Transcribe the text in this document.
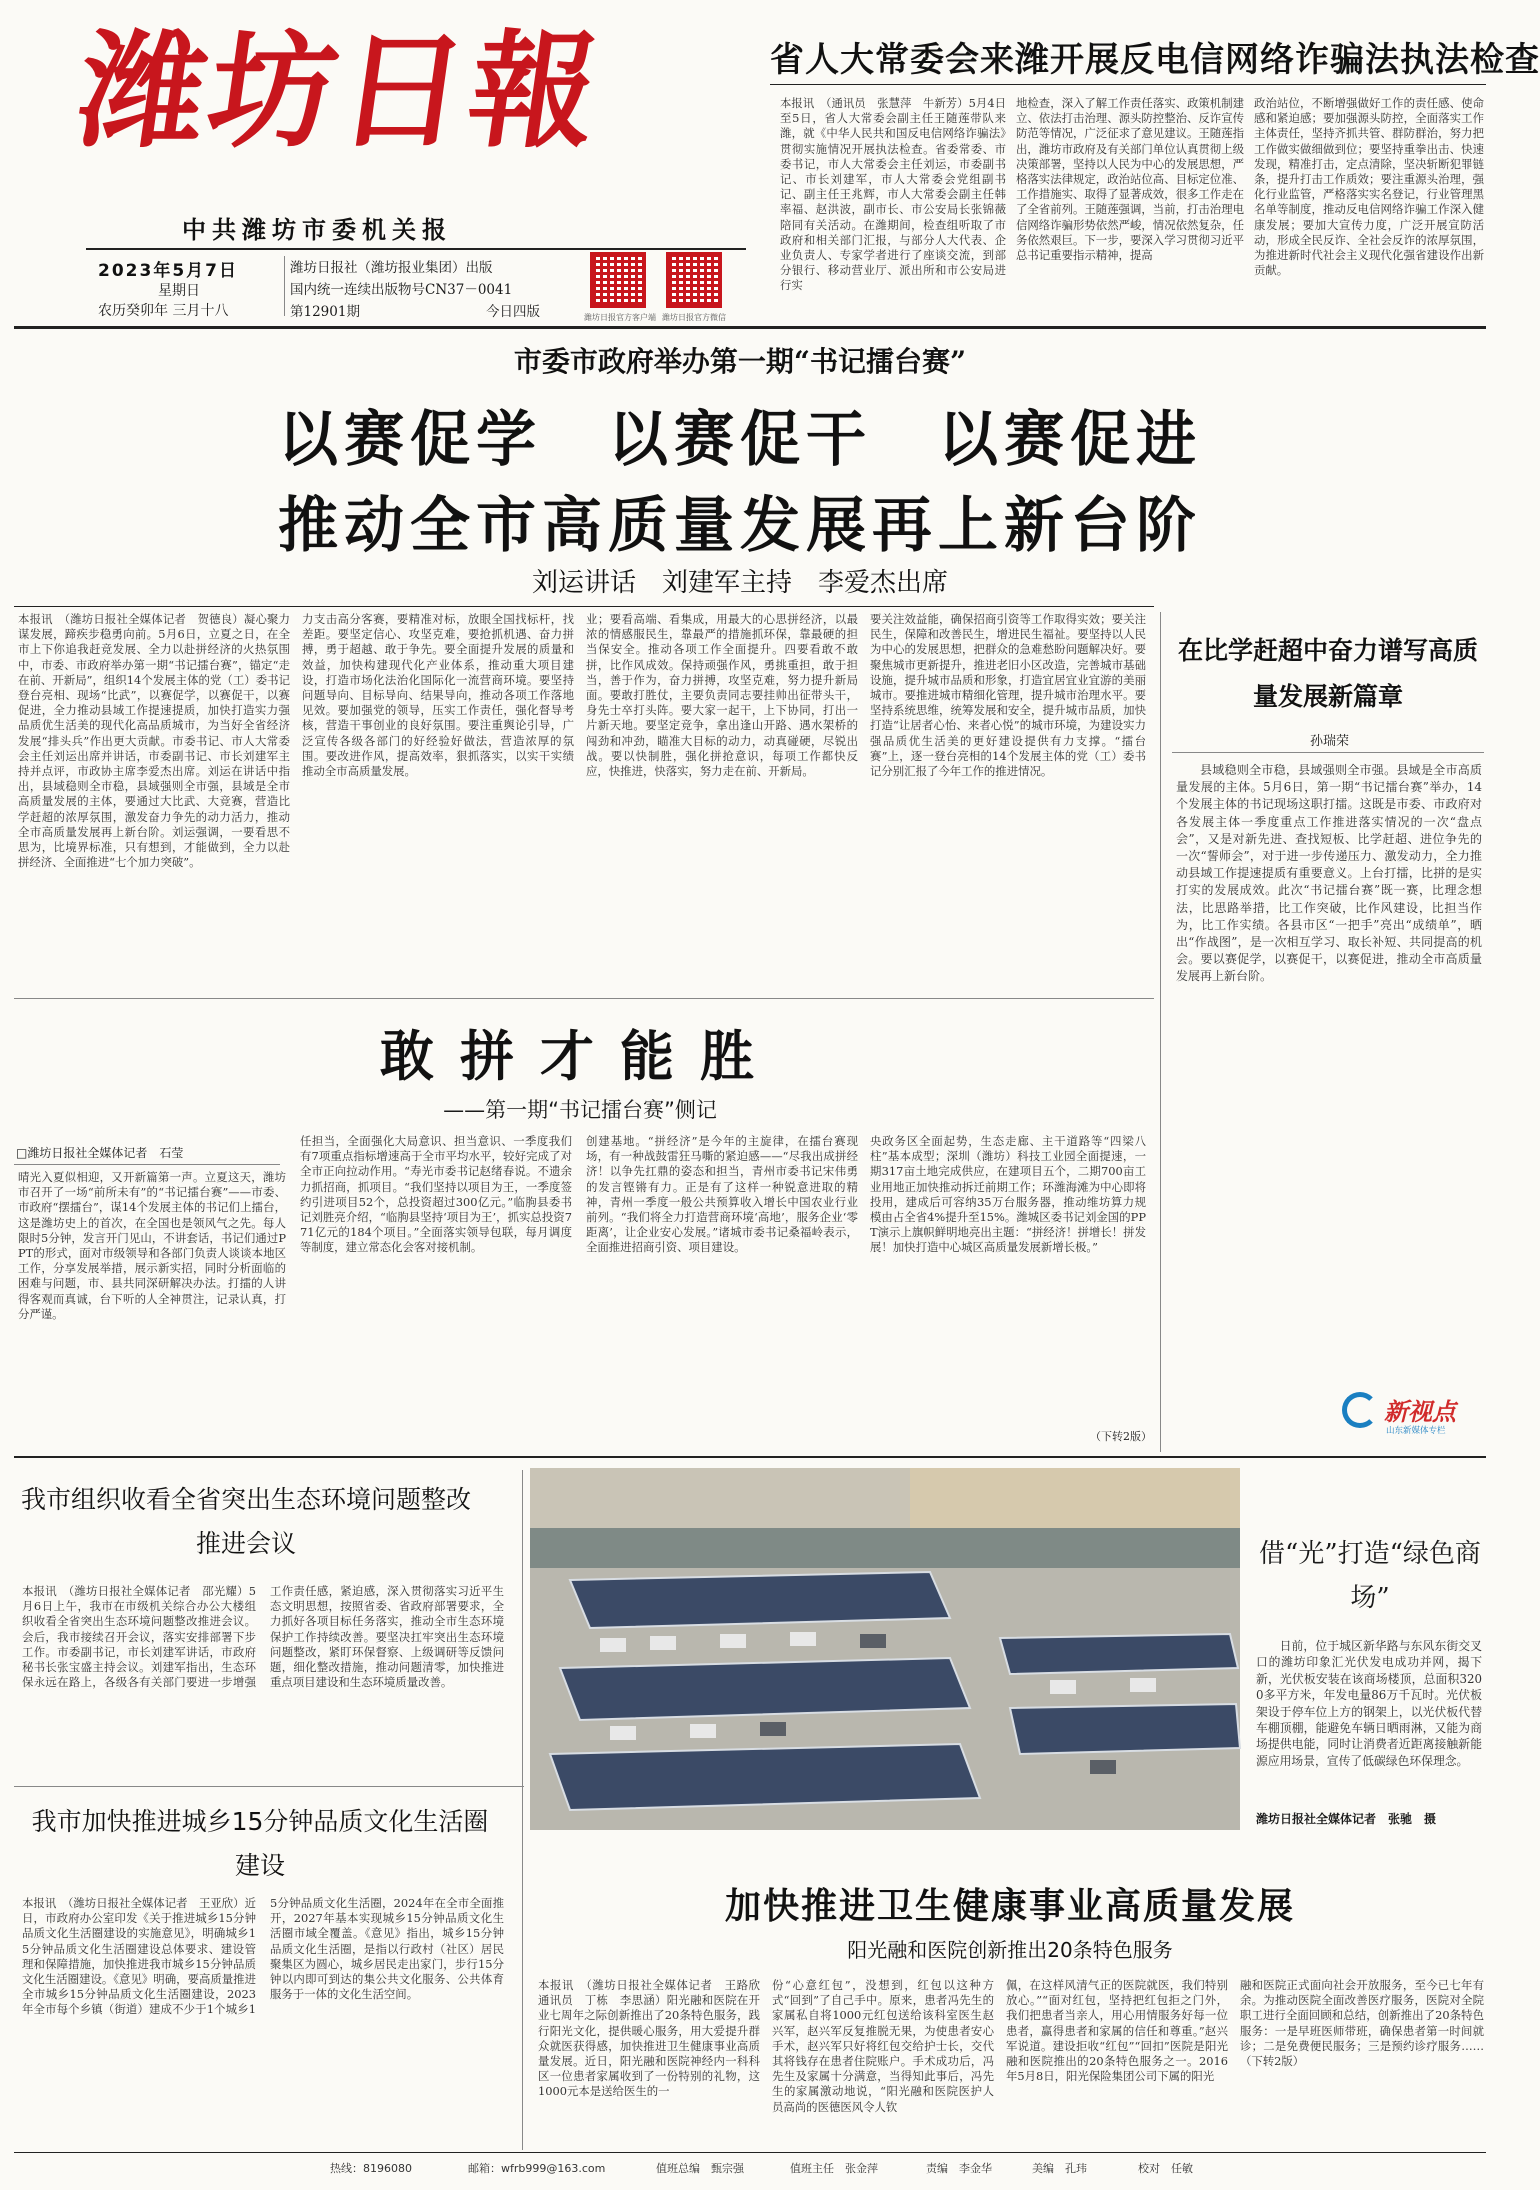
潍坊日報
中共潍坊市委机关报
2023年5月7日
星期日
农历癸卯年 三月十八
潍坊日报社（潍坊报业集团）出版
国内统一连续出版物号CN37－0041
第12901期	今日四版	潍坊日报官方客户端 潍坊日报官方微信
省人大常委会来潍开展反电信网络诈骗法执法检查
本报讯　（通讯员　张慧萍　牛新芳）5月4日至5日，省人大常委会副主任王随莲带队来潍，就《中华人民共和国反电信网络诈骗法》贯彻实施情况开展执法检查。省委常委、市委书记，市人大常委会主任刘运，市委副书记、市长刘建军，市人大常委会党组副书记、副主任王兆辉，市人大常委会副主任韩率福、赵洪波，副市长、市公安局长张锦薇陪同有关活动。在潍期间，检查组听取了市政府和相关部门汇报，与部分人大代表、企业负责人、专家学者进行了座谈交流，到部分银行、移动营业厅、派出所和市公安局进行实
地检查，深入了解工作责任落实、政策机制建立、依法打击治理、源头防控整治、反诈宣传防范等情况，广泛征求了意见建议。王随莲指出，潍坊市政府及有关部门单位认真贯彻上级决策部署，坚持以人民为中心的发展思想，严格落实法律规定，政治站位高、目标定位准、工作措施实、取得了显著成效，很多工作走在了全省前列。王随莲强调，当前，打击治理电信网络诈骗形势依然严峻，情况依然复杂，任务依然艰巨。下一步，要深入学习贯彻习近平总书记重要指示精神，提高
政治站位，不断增强做好工作的责任感、使命感和紧迫感；要加强源头防控，全面落实工作主体责任，坚持齐抓共管、群防群治，努力把工作做实做细做到位；要坚持重拳出击、快速发现，精准打击，定点清除，坚决斩断犯罪链条，提升打击工作质效；要注重源头治理，强化行业监管，严格落实实名登记，行业管理黑名单等制度，推动反电信网络诈骗工作深入健康发展；要加大宣传力度，广泛开展宣防活动，形成全民反诈、全社会反诈的浓厚氛围，为推进新时代社会主义现代化强省建设作出新贡献。
市委市政府举办第一期“书记擂台赛”
以赛促学　以赛促干　以赛促进
推动全市高质量发展再上新台阶
刘运讲话　刘建军主持　李爱杰出席
本报讯　（潍坊日报社全媒体记者　贺德良）凝心聚力谋发展，蹄疾步稳勇向前。5月6日，立夏之日，在全市上下你追我赶竞发展、全力以赴拼经济的火热氛围中，市委、市政府举办第一期“书记擂台赛”，锚定“走在前、开新局”，组织14个发展主体的党（工）委书记登台亮相、现场“比武”，以赛促学，以赛促干，以赛促进，全力推动县域工作提速提质，加快打造实力强品质优生活美的现代化高品质城市，为当好全省经济发展“排头兵”作出更大贡献。市委书记、市人大常委会主任刘运出席并讲话，市委副书记、市长刘建军主持并点评，市政协主席李爱杰出席。刘运在讲话中指出，县域稳则全市稳，县域强则全市强，县域是全市高质量发展的主体，要通过大比武、大竞赛，营造比学赶超的浓厚氛围，激发奋力争先的动力活力，推动全市高质量发展再上新台阶。刘运强调，一要看思不思为，比境界标准，只有想到，才能做到，全力以赴拼经济、全面推进“七个加力突破”。
力支击高分客赛，要精准对标，放眼全国找标杆，找差距。要坚定信心、攻坚克难，要抢抓机遇、奋力拼搏，勇于超越、敢于争先。要全面提升发展的质量和效益，加快构建现代化产业体系，推动重大项目建设，打造市场化法治化国际化一流营商环境。要坚持问题导向、目标导向、结果导向，推动各项工作落地见效。要加强党的领导，压实工作责任，强化督导考核，营造干事创业的良好氛围。要注重舆论引导，广泛宣传各级各部门的好经验好做法，营造浓厚的氛围。要改进作风，提高效率，狠抓落实，以实干实绩推动全市高质量发展。
业；要看高端、看集成，用最大的心思拼经济，以最浓的情感服民生，靠最严的措施抓环保，靠最硬的担当保安全。推动各项工作全面提升。四要看敢不敢拼，比作风成效。保持顽强作风，勇挑重担，敢于担当，善于作为，奋力拼搏，攻坚克难，努力提升新局面。要敢打胜仗，主要负责同志要挂帅出征带头干，身先士卒打头阵。要大家一起干，上下协同，打出一片新天地。要坚定竞争，拿出逢山开路、遇水架桥的闯劲和冲劲，瞄准大目标的动力，动真碰硬，尽锐出战。要以快制胜，强化拼抢意识，每项工作都快反应，快推进，快落实，努力走在前、开新局。
要关注效益能，确保招商引资等工作取得实效；要关注民生，保障和改善民生，增进民生福祉。要坚持以人民为中心的发展思想，把群众的急难愁盼问题解决好。要聚焦城市更新提升，推进老旧小区改造，完善城市基础设施，提升城市品质和形象，打造宜居宜业宜游的美丽城市。要推进城市精细化管理，提升城市治理水平。要坚持系统思维，统筹发展和安全，提升城市品质，加快打造“让居者心怡、来者心悦”的城市环境，为建设实力强品质优生活美的更好建设提供有力支撑。“擂台赛”上，逐一登台亮相的14个发展主体的党（工）委书记分别汇报了今年工作的推进情况。
在比学赶超中奋力谱写高质量发展新篇章
孙瑞荣
县域稳则全市稳，县域强则全市强。县域是全市高质量发展的主体。5月6日，第一期“书记擂台赛”举办，14个发展主体的书记现场这职打擂。这既是市委、市政府对各发展主体一季度重点工作推进落实情况的一次“盘点会”，又是对新先进、查找短板、比学赶超、进位争先的一次“誓师会”，对于进一步传递压力、激发动力，全力推动县域工作提速提质有重要意义。上台打擂，比拼的是实打实的发展成效。此次“书记擂台赛”既一赛，比理念想法，比思路举措，比工作突破，比作风建设，比担当作为，比工作实绩。各县市区“一把手”亮出“成绩单”，晒出“作战图”，是一次相互学习、取长补短、共同提高的机会。要以赛促学，以赛促干，以赛促进，推动全市高质量发展再上新台阶。
新视点
山东新媒体专栏
敢拼才能胜
——第一期“书记擂台赛”侧记
□潍坊日报社全媒体记者　石莹
晴光入夏似相迎，又开新篇第一声。立夏这天，潍坊市召开了一场“前所未有”的“书记擂台赛”——市委、市政府“摆擂台”，谋14个发展主体的书记们上擂台，这是潍坊史上的首次，在全国也是领风气之先。每人限时5分钟，发言开门见山，不讲套话，书记们通过PPT的形式，面对市级领导和各部门负责人谈谈本地区工作，分享发展举措，展示新实招，同时分析面临的困难与问题，市、县共同深研解决办法。打擂的人讲得客观而真诚，台下听的人全神贯注，记录认真，打分严谨。
任担当，全面强化大局意识、担当意识、一季度我们有7项重点指标增速高于全市平均水平，较好完成了对全市正向拉动作用。“寿光市委书记赵绪春说。不遗余力抓招商，抓项目。“我们坚持以项目为王，一季度签约引进项目52个，总投资超过300亿元。”临朐县委书记刘胜亮介绍，“临朐县坚持‘项目为王’，抓实总投资771亿元的184个项目。”全面落实领导包联，每月调度等制度，建立常态化会客对接机制。
创建基地。“拼经济”是今年的主旋律，在擂台赛现场，有一种战鼓雷狂马嘶的紧迫感——“尽我出成拼经济！以争先扛鼎的姿态和担当，青州市委书记宋伟勇的发言铿锵有力。正是有了这样一种锐意进取的精神，青州一季度一般公共预算收入增长中国农业行业前列。“我们将全力打造营商环境‘高地’，服务企业‘零距离’，让企业安心发展。”诸城市委书记桑福岭表示，全面推进招商引资、项目建设。
央政务区全面起势，生态走廊、主干道路等“四梁八柱”基本成型；深圳（潍坊）科技工业园全面提速，一期317亩土地完成供应，在建项目五个，二期700亩工业用地正加快推动拆迁前期工作；环潍海滩为中心即将投用，建成后可容纳35万台服务器，推动维坊算力规模由占全省4%提升至15%。潍城区委书记刘金国的PPT演示上旗帜鲜明地亮出主题：“拼经济！拼增长！拼发展！加快打造中心城区高质量发展新增长极。”
（下转2版）
我市组织收看全省突出生态环境问题整改推进会议
本报讯　（潍坊日报社全媒体记者　邵光耀）5月6日上午，我市在市级机关综合办公大楼组织收看全省突出生态环境问题整改推进会议。会后，我市接续召开会议，落实安排部署下步工作。市委副书记，市长刘建军讲话，市政府秘书长张宝盛主持会议。刘建军指出，生态环保永远在路上，各级各有关部门要进一步增强工作责任感，紧迫感，深入贯彻落实习近平生态文明思想，按照省委、省政府部署要求，全力抓好各项目标任务落实，推动全市生态环境保护工作持续改善。要坚决扛牢突出生态环境问题整改，紧盯环保督察、上级调研等反馈问题，细化整改措施，推动问题清零，加快推进重点项目建设和生态环境质量改善。
我市加快推进城乡15分钟品质文化生活圈建设
本报讯　（潍坊日报社全媒体记者　王亚欣）近日，市政府办公室印发《关于推进城乡15分钟品质文化生活圈建设的实施意见》，明确城乡15分钟品质文化生活圈建设总体要求、建设管理和保障措施，加快推进我市城乡15分钟品质文化生活圈建设。《意见》明确，要高质量推进全市城乡15分钟品质文化生活圈建设，2023年全市每个乡镇（街道）建成不少于1个城乡15分钟品质文化生活圈，2024年在全市全面推开，2027年基本实现城乡15分钟品质文化生活圈市域全覆盖。《意见》指出，城乡15分钟品质文化生活圈，是指以行政村（社区）居民聚集区为圆心，城乡居民走出家门，步行15分钟以内即可到达的集公共文化服务、公共体育服务于一体的文化生活空间。
借“光”打造“绿色商场”
日前，位于城区新华路与东风东街交叉口的潍坊印象汇光伏发电成功并网，揭下新，光伏板安装在该商场楼顶，总面积3200多平方米，年发电量86万千瓦时。光伏板架设于停车位上方的钢架上，以光伏板代替车棚顶棚，能避免车辆日晒雨淋，又能为商场提供电能，同时让消费者近距离接触新能源应用场景，宣传了低碳绿色环保理念。
潍坊日报社全媒体记者　张驰　摄
加快推进卫生健康事业高质量发展
阳光融和医院创新推出20条特色服务
本报讯　（潍坊日报社全媒体记者　王路欣　通讯员　丁栋　李思涵）阳光融和医院在开业七周年之际创新推出了20条特色服务，践行阳光文化，提供暖心服务，用大爱提升群众就医获得感，加快推进卫生健康事业高质量发展。近日，阳光融和医院神经内一科科区一位患者家属收到了一份特别的礼物，这1000元本是送给医生的一
份“心意红包”，没想到，红包以这种方式“回到”了自己手中。原来，患者冯先生的家属私自将1000元红包送给该科室医生赵兴军，赵兴军反复推脱无果，为使患者安心手术，赵兴军只好将红包交给护士长，交代其将钱存在患者住院账户。手术成功后，冯先生及家属十分满意，当得知此事后，冯先生的家属激动地说，“阳光融和医院医护人员高尚的医德医风令人钦
佩，在这样风清气正的医院就医，我们特别放心。”“面对红包，坚持把红包拒之门外，我们把患者当亲人，用心用情服务好每一位患者，赢得患者和家属的信任和尊重。”赵兴军说道。建设拒收“红包”“回扣”医院是阳光融和医院推出的20条特色服务之一。2016年5月8日，阳光保险集团公司下属的阳光
融和医院正式面向社会开放服务，至今已七年有余。为推动医院全面改善医疗服务，医院对全院职工进行全面回顾和总结，创新推出了20条特色服务：一是早班医师带班，确保患者第一时间就诊；二是免费便民服务；三是预约诊疗服务……（下转2版）
热线：8196080	邮箱：wfrb999@163.com	值班总编　甄宗强	值班主任　张金萍	责编　李金华	美编　孔玮	校对　任敏
